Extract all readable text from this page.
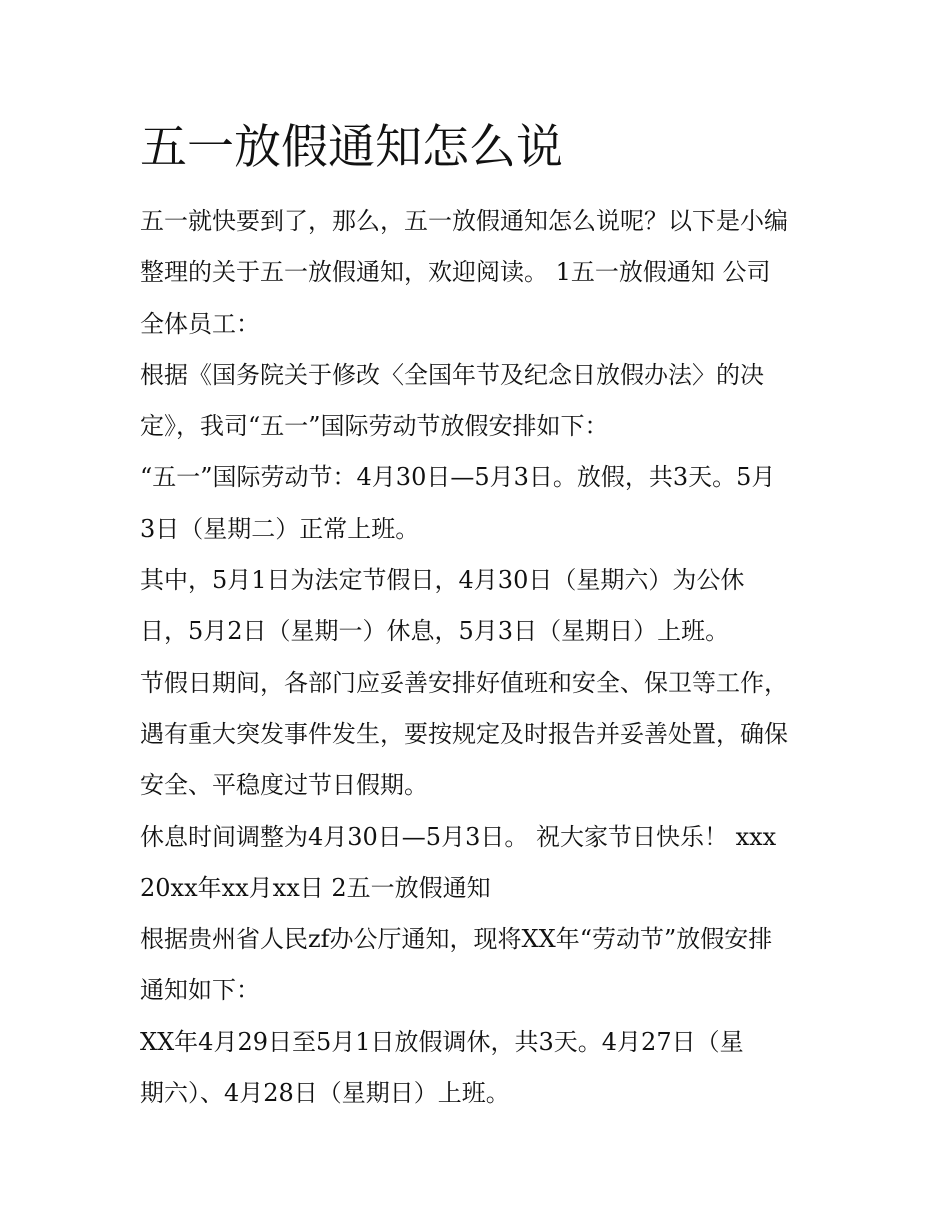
五一放假通知怎么说
五一就快要到了，那么，五一放假通知怎么说呢？以下是小编
整理的关于五一放假通知，欢迎阅读。 1五一放假通知 公司
全体员工：
根据《国务院关于修改〈全国年节及纪念日放假办法〉的决
定》，我司“五一”国际劳动节放假安排如下：
“五一”国际劳动节：4月30日—5月3日。放假，共3天。5月
3日（星期二）正常上班。
其中，5月1日为法定节假日，4月30日（星期六）为公休
日，5月2日（星期一）休息，5月3日（星期日）上班。
节假日期间，各部门应妥善安排好值班和安全、保卫等工作，
遇有重大突发事件发生，要按规定及时报告并妥善处置，确保
安全、平稳度过节日假期。
休息时间调整为4月30日—5月3日。 祝大家节日快乐！ xxx
20xx年xx月xx日 2五一放假通知
根据贵州省人民zf办公厅通知，现将XX年“劳动节”放假安排
通知如下：
XX年4月29日至5月1日放假调休，共3天。4月27日（星
期六）、4月28日（星期日）上班。
